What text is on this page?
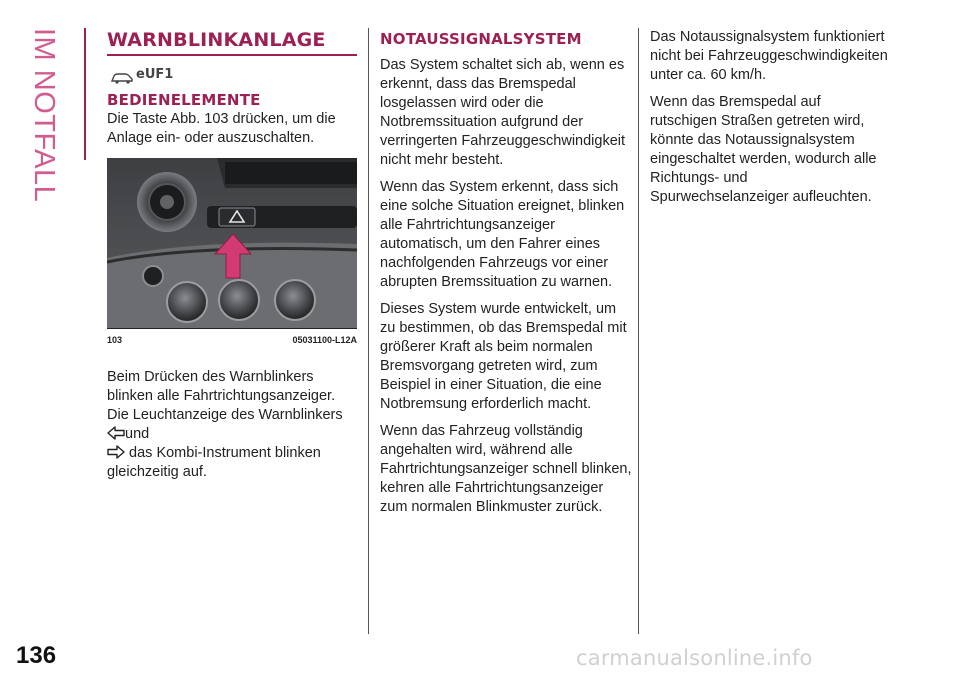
IM NOTFALL
136
WARNBLINKANLAGE
eUF1
BEDIENELEMENTE

Die Taste Abb. 103 drücken, um die Anlage ein- oder auszuschalten.

103	05031100-L12A

Beim Drücken des Warnblinkers blinken alle Fahrtrichtungsanzeiger. Die Leuchtanzeige des Warnblinkers und
das Kombi-Instrument blinken gleichzeitig auf.

NOTAUSSIGNALSYSTEM

Das System schaltet sich ab, wenn es erkennt, dass das Bremspedal losgelassen wird oder die Notbremssituation aufgrund der verringerten Fahrzeuggeschwindigkeit nicht mehr besteht.

Wenn das System erkennt, dass sich eine solche Situation ereignet, blinken alle Fahrtrichtungsanzeiger automatisch, um den Fahrer eines nachfolgenden Fahrzeugs vor einer abrupten Bremssituation zu warnen.

Dieses System wurde entwickelt, um zu bestimmen, ob das Bremspedal mit größerer Kraft als beim normalen Bremsvorgang getreten wird, zum Beispiel in einer Situation, die eine Notbremsung erforderlich macht.

Wenn das Fahrzeug vollständig angehalten wird, während alle Fahrtrichtungsanzeiger schnell blinken, kehren alle Fahrtrichtungsanzeiger zum normalen Blinkmuster zurück.

Das Notaussignalsystem funktioniert nicht bei Fahrzeuggeschwindigkeiten unter ca. 60 km/h.

Wenn das Bremspedal auf rutschigen Straßen getreten wird, könnte das Notaussignalsystem eingeschaltet werden, wodurch alle Richtungs- und Spurwechselanzeiger aufleuchten.

carmanualsonline.info
